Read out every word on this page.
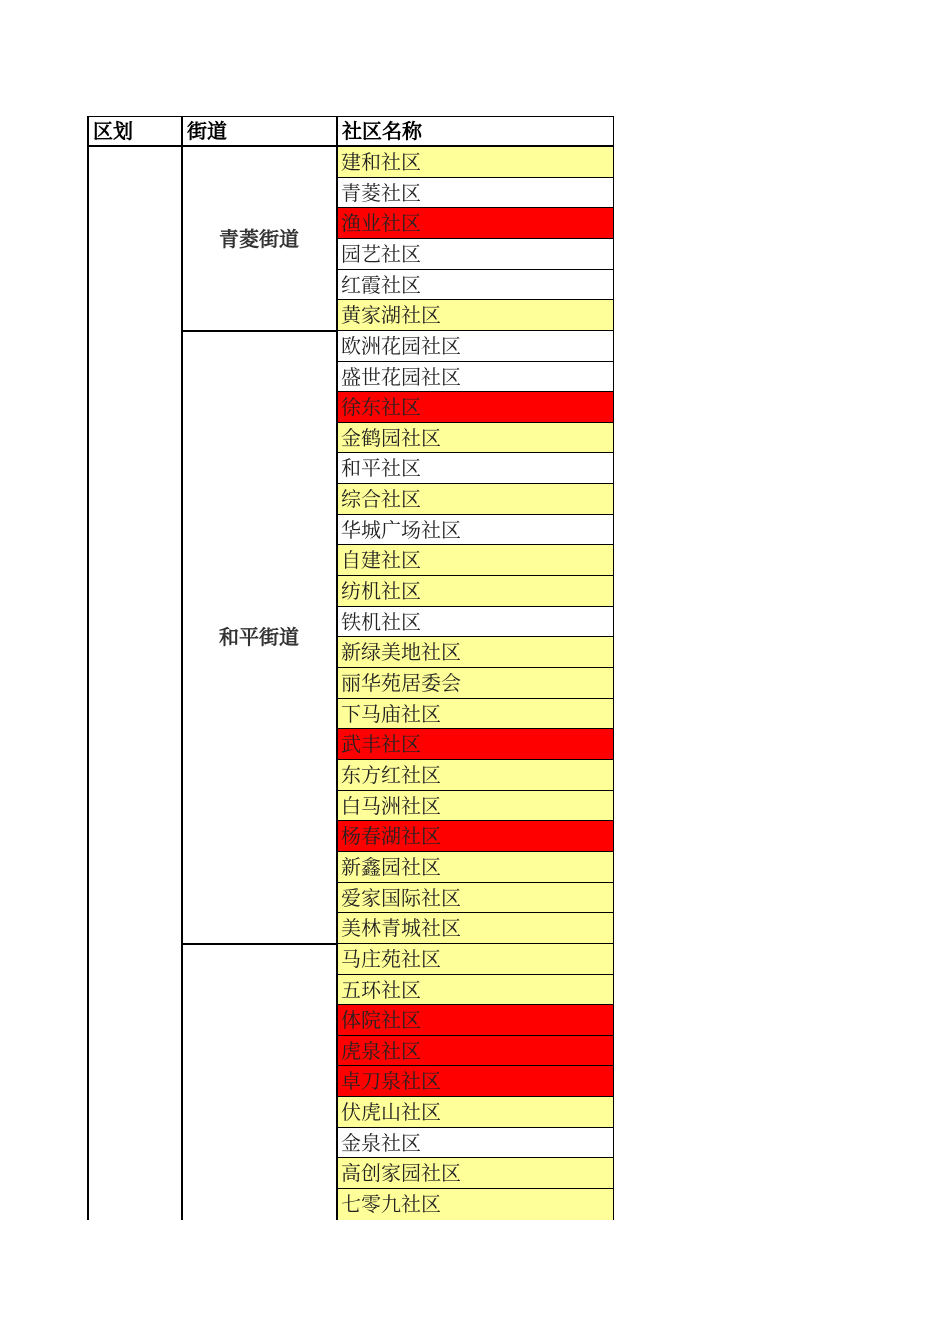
区划	街道	社区名称
建和社区
青菱社区
渔业社区
园艺社区
红霞社区
黄家湖社区
欧洲花园社区
盛世花园社区
徐东社区
金鹤园社区
和平社区
综合社区
华城广场社区
自建社区
纺机社区
铁机社区
新绿美地社区
丽华苑居委会
下马庙社区
武丰社区
东方红社区
白马洲社区
杨春湖社区
新鑫园社区
爱家国际社区
美林青城社区
马庄苑社区
五环社区
体院社区
虎泉社区
卓刀泉社区
伏虎山社区
金泉社区
高创家园社区
七零九社区
青菱街道
和平街道
